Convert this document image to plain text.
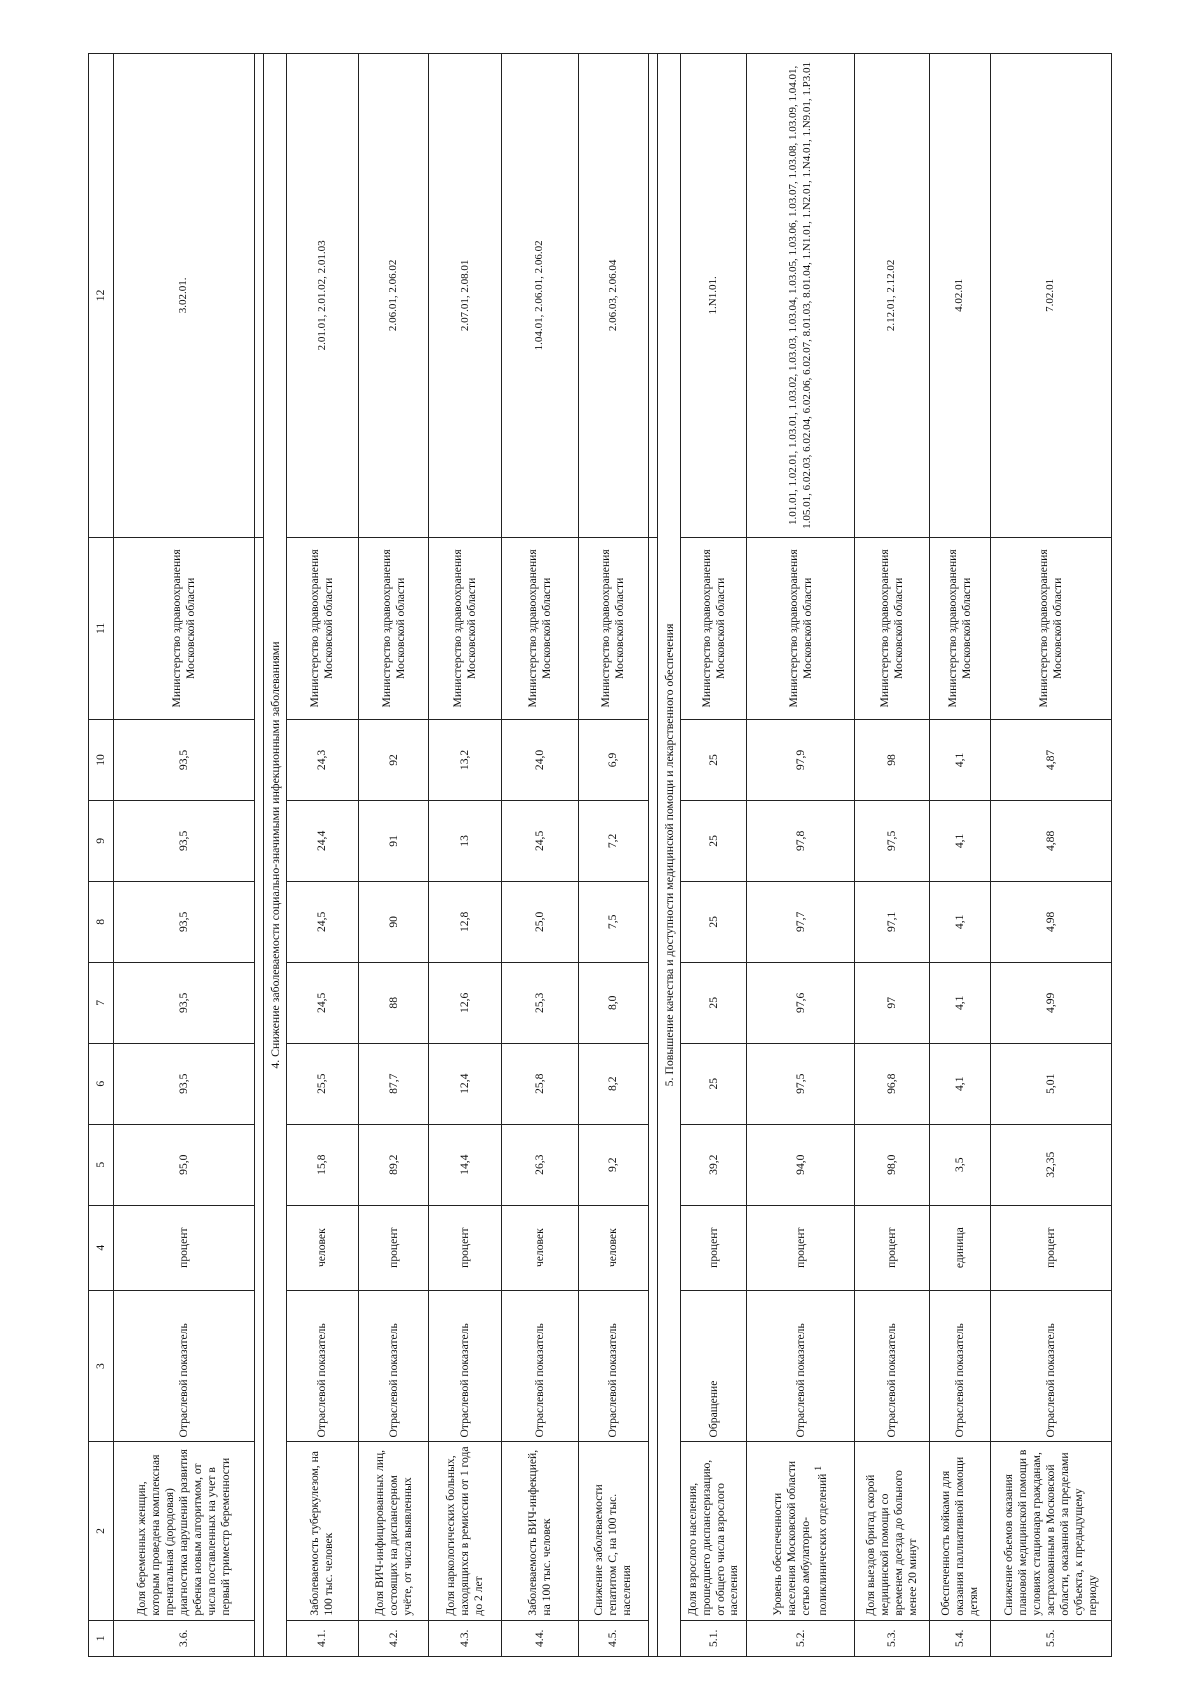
1	2	3	4	5	6	7	8	9	10	11	12
3.6.	Доля беременных женщин, которым проведена комплексная пренатальная (дородовая) диагностика нарушений развития ребенка новым алгоритмом, от числа поставленных на учет в первый триместр беременности	Отраслевой показатель	процент	95,0	93,5	93,5	93,5	93,5	93,5	Министерство здравоохранения Московской области	3.02.01.

4. Снижение заболеваемости социально-значимыми инфекционными заболеваниями											
4.1.	Заболеваемость туберкулезом, на 100 тыс. человек	Отраслевой показатель	человек	15,8	25,5	24,5	24,5	24,4	24,3	Министерство здравоохранения Московской области	2.01.01, 2.01.02, 2.01.03
4.2.	Доля ВИЧ-инфицированных лиц, состоящих на диспансерном учёте, от числа выявленных	Отраслевой показатель	процент	89,2	87,7	88	90	91	92	Министерство здравоохранения Московской области	2.06.01, 2.06.02
4.3.	Доля наркологических больных, находящихся в ремиссии от 1 года до 2 лет	Отраслевой показатель	процент	14,4	12,4	12,6	12,8	13	13,2	Министерство здравоохранения Московской области	2.07.01, 2.08.01
4.4.	Заболеваемость ВИЧ-инфекцией, на 100 тыс. человек	Отраслевой показатель	человек	26,3	25,8	25,3	25,0	24,5	24,0	Министерство здравоохранения Московской области	1.04.01, 2.06.01, 2.06.02
4.5.	Снижение заболеваемости гепатитом С, на 100 тыс. населения	Отраслевой показатель	человек	9,2	8,2	8,0	7,5	7,2	6,9	Министерство здравоохранения Московской области	2.06.03, 2.06.04

5. Повышение качества и доступности медицинской помощи и лекарственного обеспечения											
5.1.	Доля взрослого населения, прошедшего диспансеризацию, от общего числа взрослого населения	Обращение	процент	39,2	25	25	25	25	25	Министерство здравоохранения Московской области	1.N1.01.
5.2.	Уровень обеспеченности населения Московской области сетью амбулаторно-поликлинических отделений $^1$	Отраслевой показатель	процент	94,0	97,5	97,6	97,7	97,8	97,9	Министерство здравоохранения Московской области	1.01.01, 1.02.01, 1.03.01, 1.03.02, 1.03.03, 1.03.04, 1.03.05, 1.03.06, 1.03.07, 1.03.08, 1.03.09, 1.04.01, 1.05.01, 6.02.03, 6.02.04, 6.02.06, 6.02.07, 8.01.03, 8.01.04, 1.N1.01, 1.N2.01, 1.N4.01, 1.N9.01, 1.P3.01
5.3.	Доля выездов бригад скорой медицинской помощи со временем доезда до больного менее 20 минут	Отраслевой показатель	процент	98,0	96,8	97	97,1	97,5	98	Министерство здравоохранения Московской области	2.12.01, 2.12.02
5.4.	Обеспеченность койками для оказания паллиативной помощи детям	Отраслевой показатель	единица	3,5	4,1	4,1	4,1	4,1	4,1	Министерство здравоохранения Московской области	4.02.01
5.5.	Снижение объемов оказания плановой медицинской помощи в условиях стационара гражданам, застрахованным в Московской области, оказанной за пределами субъекта, к предыдущему периоду	Отраслевой показатель	процент	32,35	5,01	4,99	4,98	4,88	4,87	Министерство здравоохранения Московской области	7.02.01
